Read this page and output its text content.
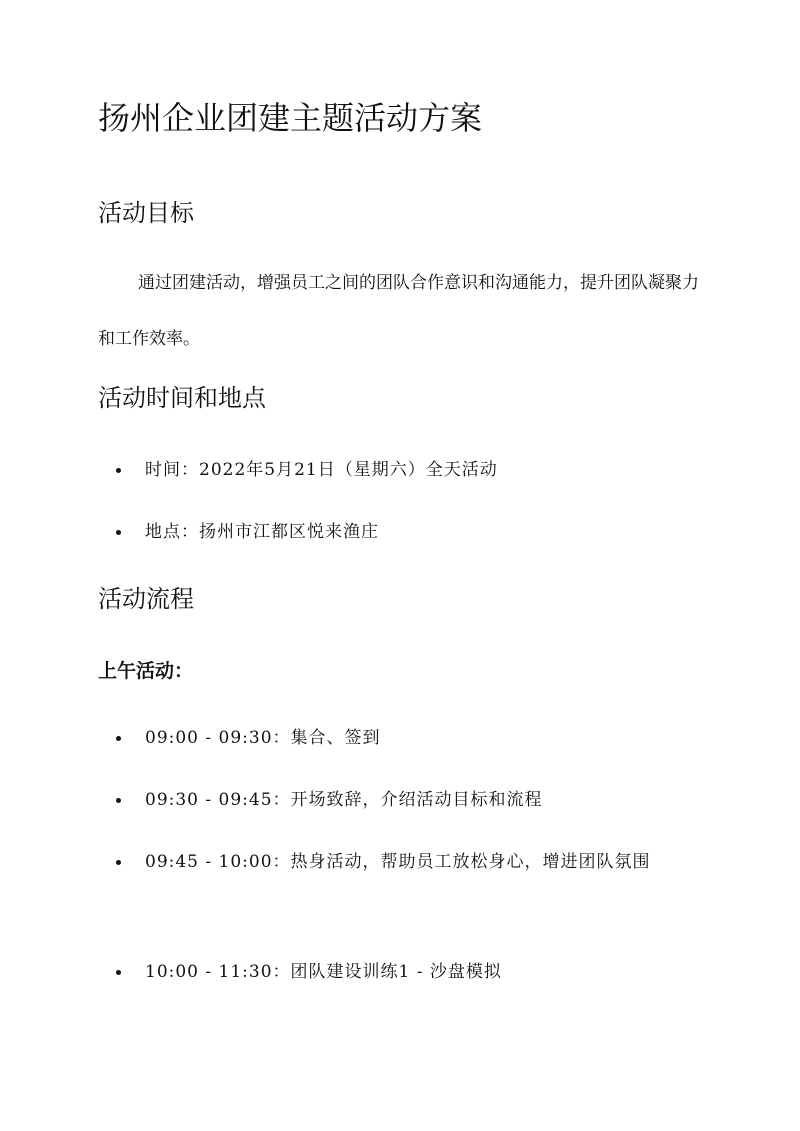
扬州企业团建主题活动方案
活动目标

通过团建活动，增强员工之间的团队合作意识和沟通能力，提升团队凝聚力和工作效率。

活动时间和地点
时间：2022年5月21日（星期六）全天活动
地点：扬州市江都区悦来渔庄
活动流程
上午活动：
09:00 - 09:30：集合、签到
09:30 - 09:45：开场致辞，介绍活动目标和流程

09:45 - 10:00：热身活动，帮助员工放松身心，增进团队氛围

10:00 - 11:30：团队建设训练1 - 沙盘模拟
